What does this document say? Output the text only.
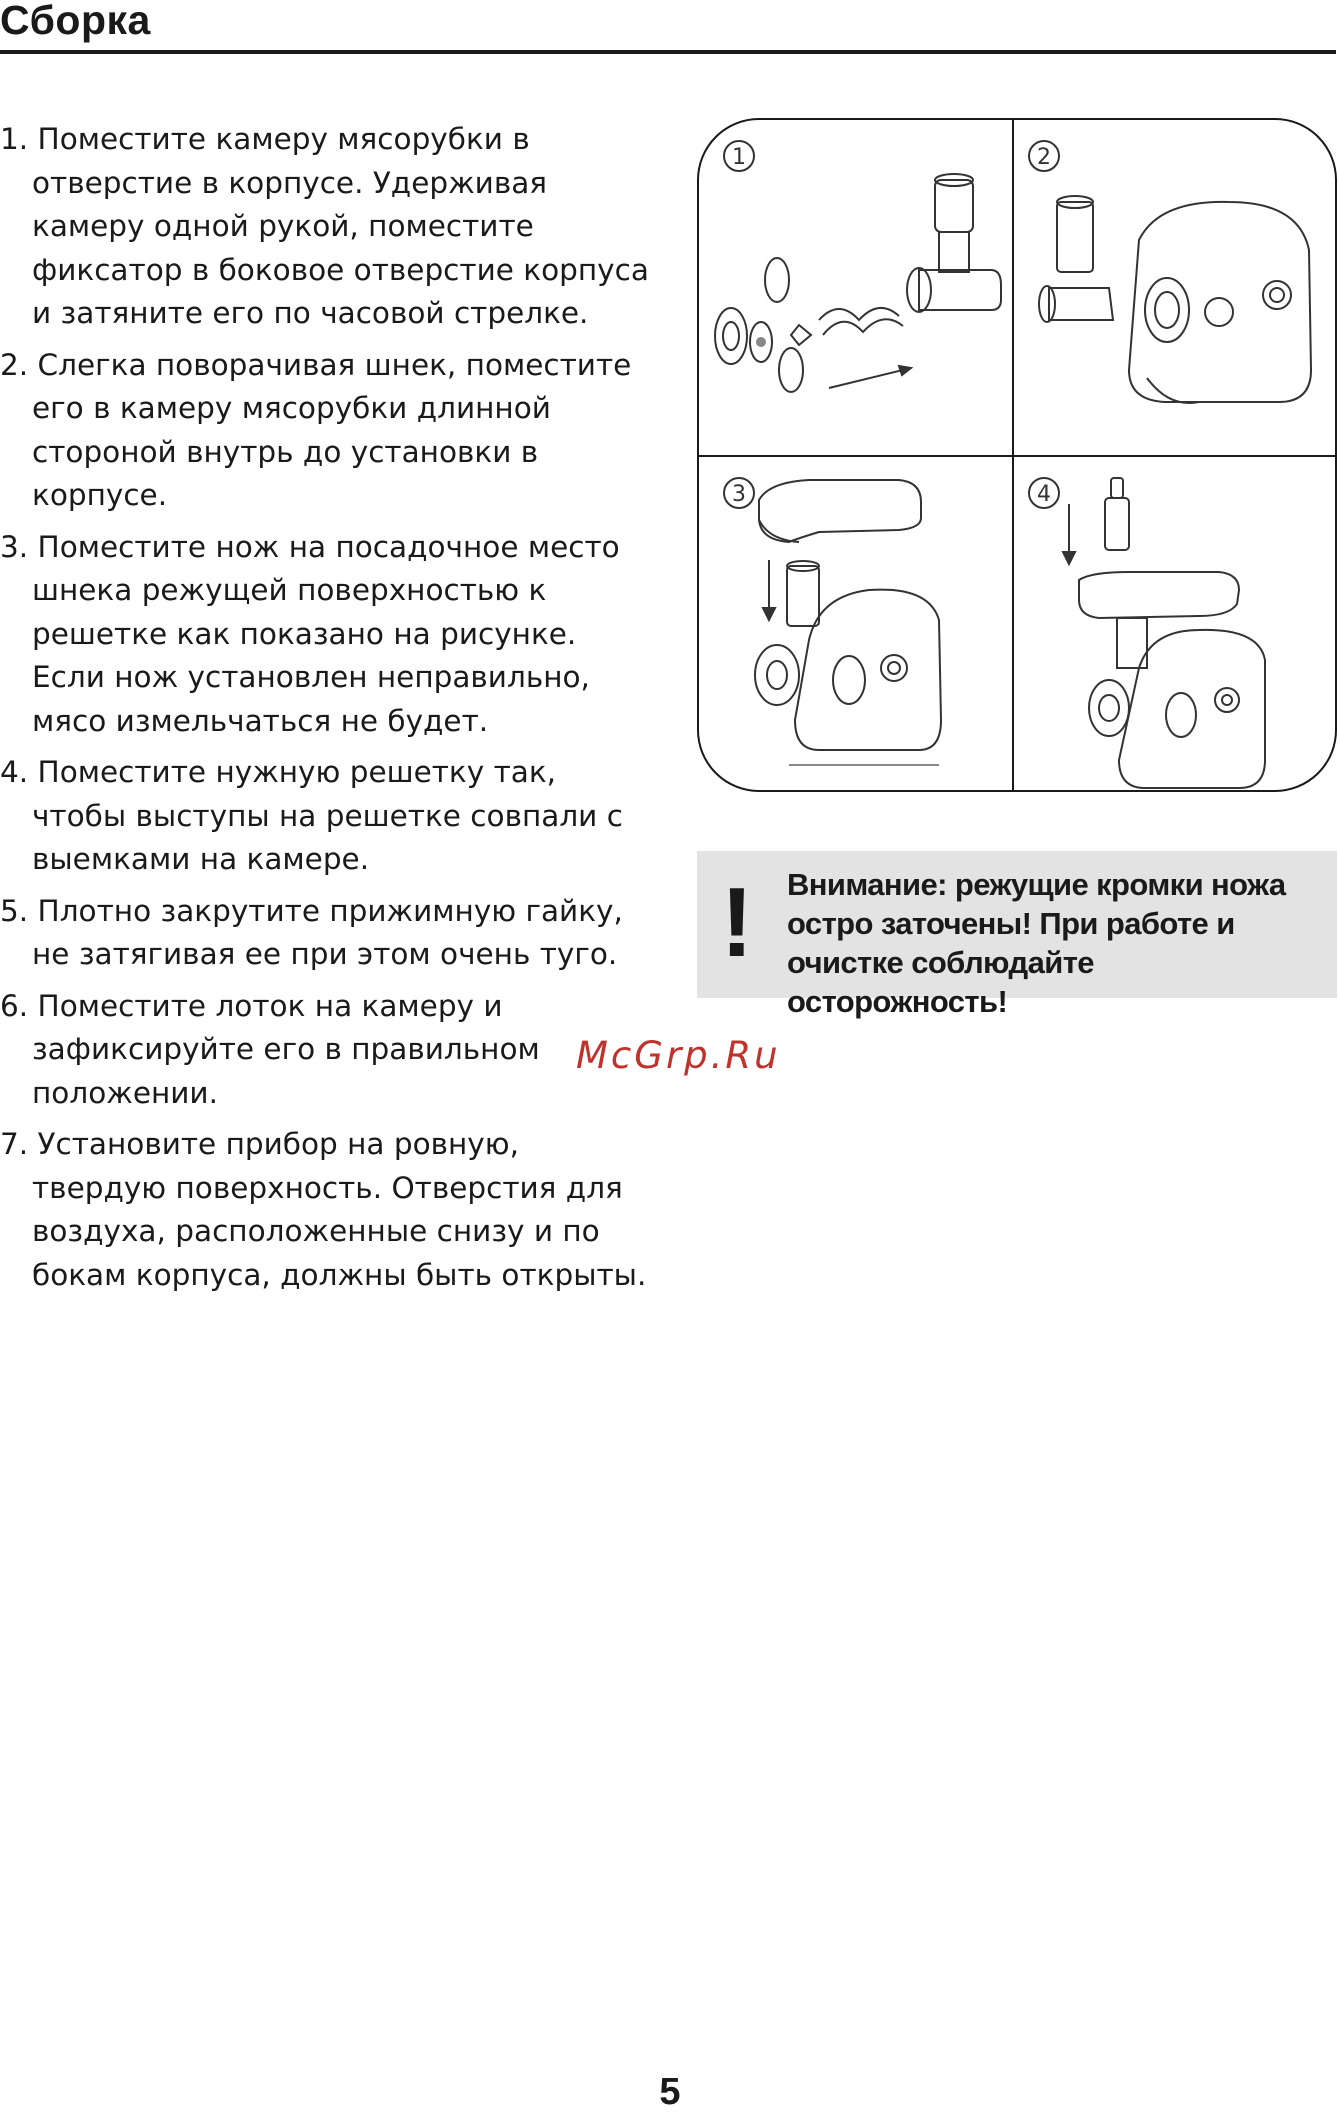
Сборка

1. Поместите камеру мясорубки в отверстие в корпусе. Удерживая камеру одной рукой, поместите фиксатор в боковое отверстие корпуса и затяните его по часовой стрелке.

2. Слегка поворачивая шнек, поместите его в камеру мясорубки длинной стороной внутрь до установки в корпусе.

3. Поместите нож на посадочное место шнека режущей поверхностью к решетке как показано на рисунке. Если нож установлен неправильно, мясо измельчаться не будет.

4. Поместите нужную решетку так, чтобы выступы на решетке совпали с выемками на камере.

5. Плотно закрутите прижимную гайку, не затягивая ее при этом очень туго.

6. Поместите лоток на камеру и зафиксируйте его в правильном положении.

7. Установите прибор на ровную, твердую поверхность. Отверстия для воздуха, расположенные снизу и по бокам корпуса, должны быть открыты.

1	2
3	4
! Внимание: режущие кромки ножа остро заточены! При работе и очистке соблюдайте осторожность!
McGrp.Ru
5
